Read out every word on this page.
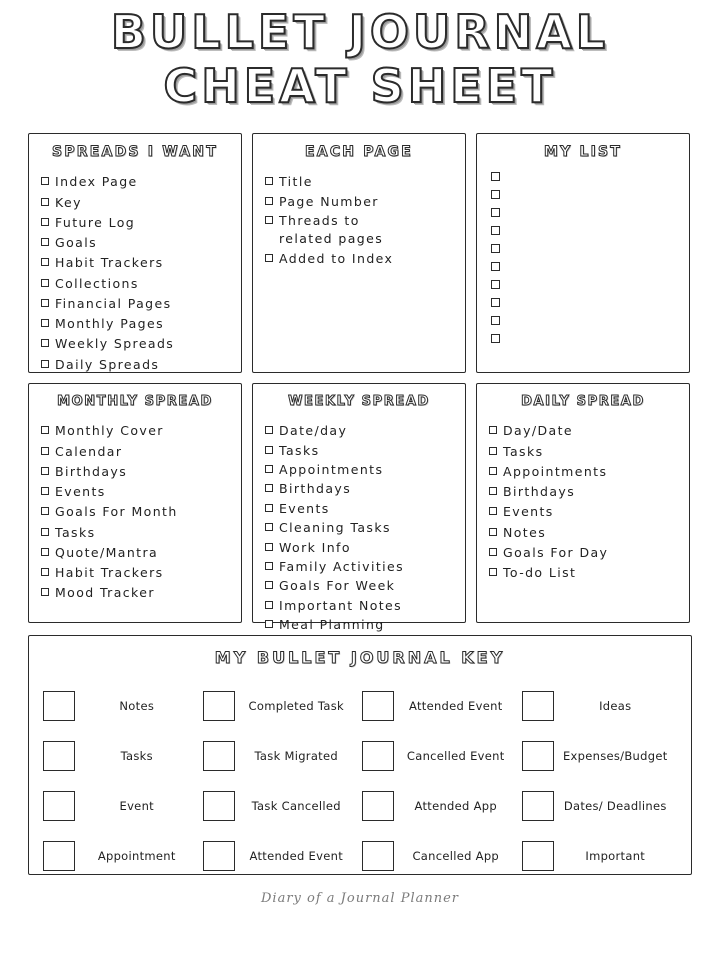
BULLET JOURNAL
CHEAT SHEET
SPREADS I WANT
Index Page
Key
Future Log
Goals
Habit Trackers
Collections
Financial Pages
Monthly Pages
Weekly Spreads
Daily Spreads
EACH PAGE
Title
Page Number
Threads to
related pages
Added to Index
MY LIST
MONTHLY SPREAD
Monthly Cover
Calendar
Birthdays
Events
Goals For Month
Tasks
Quote/Mantra
Habit Trackers
Mood Tracker
WEEKLY SPREAD
Date/day
Tasks
Appointments
Birthdays
Events
Cleaning Tasks
Work Info
Family Activities
Goals For Week
Important Notes
Meal Planning
DAILY SPREAD
Day/Date
Tasks
Appointments
Birthdays
Events
Notes
Goals For Day
To-do List
MY BULLET JOURNAL KEY
Notes	Completed Task	Attended Event	Ideas
Tasks	Task Migrated	Cancelled Event	Expenses/Budget
Event	Task Cancelled	Attended App	Dates/ Deadlines
Appointment	Attended Event	Cancelled App	Important
Diary of a Journal Planner
